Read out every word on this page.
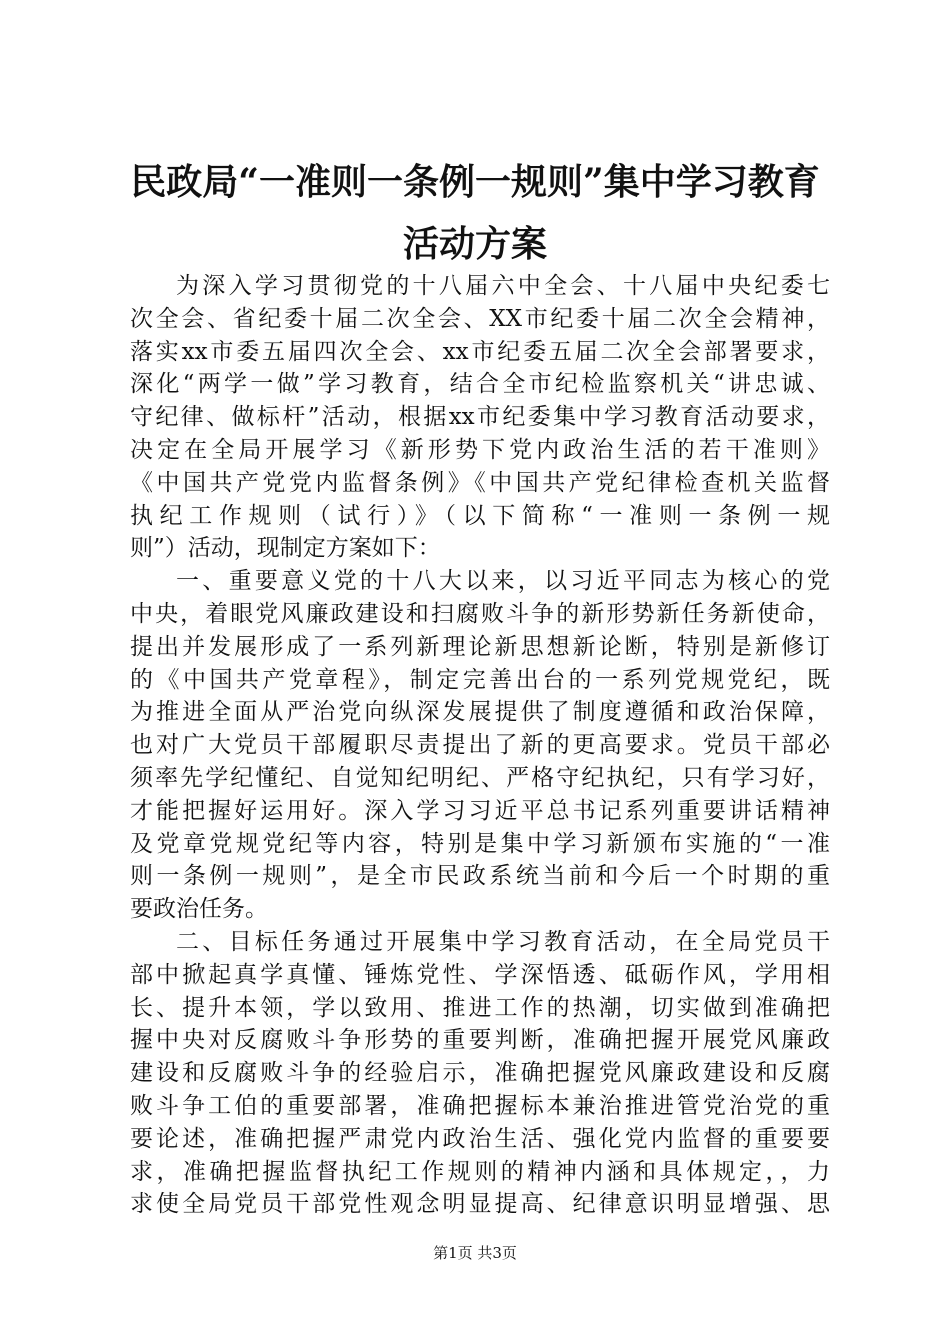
民政局“一准则一条例一规则”集中学习教育
活动方案
为深入学习贯彻党的十八届六中全会、十八届中央纪委七
次全会、省纪委十届二次全会、XX市纪委十届二次全会精神，
落实xx市委五届四次全会、xx市纪委五届二次全会部署要求，
深化“两学一做”学习教育，结合全市纪检监察机关“讲忠诚、
守纪律、做标杆”活动，根据xx市纪委集中学习教育活动要求，
决定在全局开展学习《新形势下党内政治生活的若干准则》
《中国共产党党内监督条例》《中国共产党纪律检查机关监督
执纪工作规则（试行）》（以下简称“一准则一条例一规
则”）活动，现制定方案如下：
一、重要意义党的十八大以来，以习近平同志为核心的党
中央，着眼党风廉政建设和扫腐败斗争的新形势新任务新使命，
提出并发展形成了一系列新理论新思想新论断，特别是新修订
的《中国共产党章程》，制定完善出台的一系列党规党纪，既
为推进全面从严治党向纵深发展提供了制度遵循和政治保障，
也对广大党员干部履职尽责提出了新的更高要求。党员干部必
须率先学纪懂纪、自觉知纪明纪、严格守纪执纪，只有学习好，
才能把握好运用好。深入学习习近平总书记系列重要讲话精神
及党章党规党纪等内容，特别是集中学习新颁布实施的“一准
则一条例一规则”，是全市民政系统当前和今后一个时期的重
要政治任务。
二、目标任务通过开展集中学习教育活动，在全局党员干
部中掀起真学真懂、锤炼党性、学深悟透、砥砺作风，学用相
长、提升本领，学以致用、推进工作的热潮，切实做到准确把
握中央对反腐败斗争形势的重要判断，准确把握开展党风廉政
建设和反腐败斗争的经验启示，准确把握党风廉政建设和反腐
败斗争工伯的重要部署，准确把握标本兼治推进管党治党的重
要论述，准确把握严肃党内政治生活、强化党内监督的重要要
求，准确把握监督执纪工作规则的精神内涵和具体规定，，力
求使全局党员干部党性观念明显提高、纪律意识明显增强、思
第1页 共3页
